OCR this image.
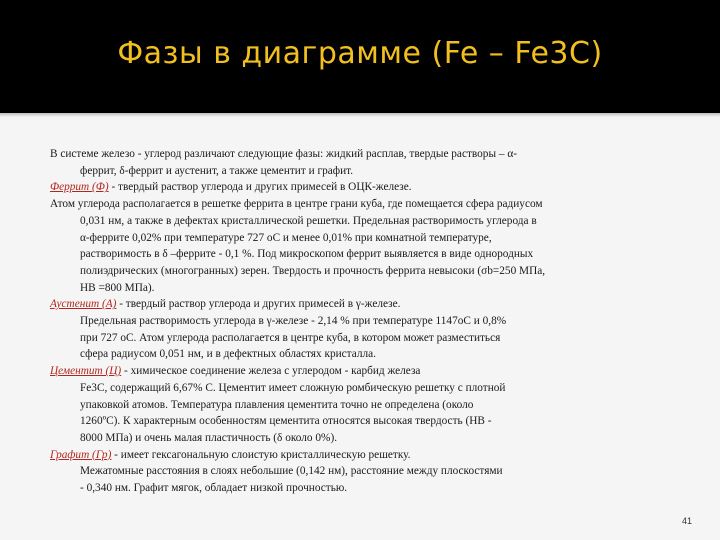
Фазы в диаграмме (Fe – Fe3C)
В системе железо - углерод различают следующие фазы: жидкий расплав, твердые растворы – α-
феррит, δ-феррит и аустенит, а также цементит и графит.
Феррит (Ф) - твердый раствор углерода и других примесей в ОЦК-железе.
Атом углерода располагается в решетке феррита в центре грани куба, где помещается сфера радиусом
0,031 нм, а также в дефектах кристаллической решетки. Предельная растворимость углерода в
α-феррите 0,02% при температуре 727 oC и менее 0,01% при комнатной температуре,
растворимость в δ –феррите - 0,1 %. Под микроскопом феррит выявляется в виде однородных
полиэдрических (многогранных) зерен. Твердость и прочность феррита невысоки (σb=250 МПа,
НВ =800 МПа).
Аустенит (А) - твердый раствор углерода и других примесей в γ-железе.
Предельная растворимость углерода в γ-железе - 2,14 % при температуре 1147oC и 0,8%
при 727 oC. Атом углерода располагается в центре куба, в котором может разместиться
сфера радиусом 0,051 нм, и в дефектных областях кристалла.
Цементит (Ц) - химическое соединение железа с углеродом - карбид железа
Fe3C, содержащий 6,67% С. Цементит имеет сложную ромбическую решетку с плотной
упаковкой атомов. Температура плавления цементита точно не определена (около
1260ºC). К характерным особенностям цементита относятся высокая твердость (НВ -
8000 МПа) и очень малая пластичность (δ около 0%).
Графит (Гр) - имеет гексагональную слоистую кристаллическую решетку.
Межатомные расстояния в слоях небольшие (0,142 нм), расстояние между плоскостями
- 0,340 нм. Графит мягок, обладает низкой прочностью.
41
